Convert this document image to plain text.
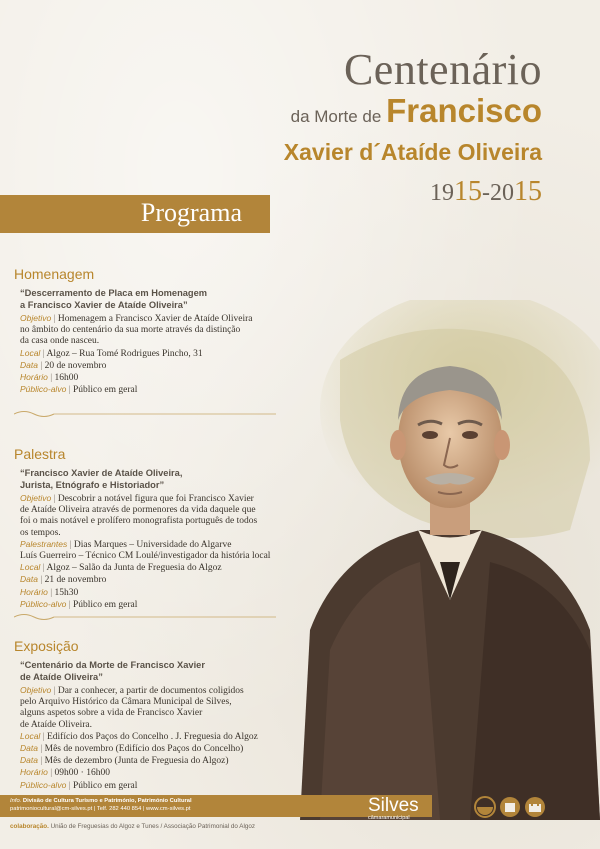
Centenário
da Morte de Francisco
Xavier d´Ataíde Oliveira
1915-2015
Programa
Homenagem
“Descerramento de Placa em Homenagem
a Francisco Xavier de Ataíde Oliveira”
Objetivo | Homenagem a Francisco Xavier de Ataíde Oliveira
no âmbito do centenário da sua morte através da distinção
da casa onde nasceu.
Local | Algoz – Rua Tomé Rodrigues Pincho, 31
Data | 20 de novembro
Horário | 16h00
Público-alvo | Público em geral
Palestra
“Francisco Xavier de Ataíde Oliveira,
Jurista, Etnógrafo e Historiador”
Objetivo | Descobrir a notável figura que foi Francisco Xavier
de Ataíde Oliveira através de pormenores da vida daquele que
foi o mais notável e prolífero monografista português de todos
os tempos.
Palestrantes | Dias Marques – Universidade do Algarve
Luís Guerreiro – Técnico CM Loulé/investigador da história local
Local | Algoz – Salão da Junta de Freguesia do Algoz
Data | 21 de novembro
Horário | 15h30
Público-alvo | Público em geral
Exposição
“Centenário da Morte de Francisco Xavier
de Ataíde Oliveira”
Objetivo | Dar a conhecer, a partir de documentos coligidos
pelo Arquivo Histórico da Câmara Municipal de Silves,
alguns aspetos sobre a vida de Francisco Xavier
de Ataíde Oliveira.
Local | Edifício dos Paços do Concelho . J. Freguesia do Algoz
Data | Mês de novembro (Edifício dos Paços do Concelho)
Data | Mês de dezembro (Junta de Freguesia do Algoz)
Horário | 09h00 · 16h00
Público-alvo | Público em geral
Info. Divisão de Cultura Turismo e Património, Património Cultural
patrimoniocultural@cm-silves.pt | Telf. 282 440 854 | www.cm-silves.pt
colaboração. União de Freguesias do Algoz e Tunes / Associação Patrimonial do Algoz
Silves
câmaramunicipal
